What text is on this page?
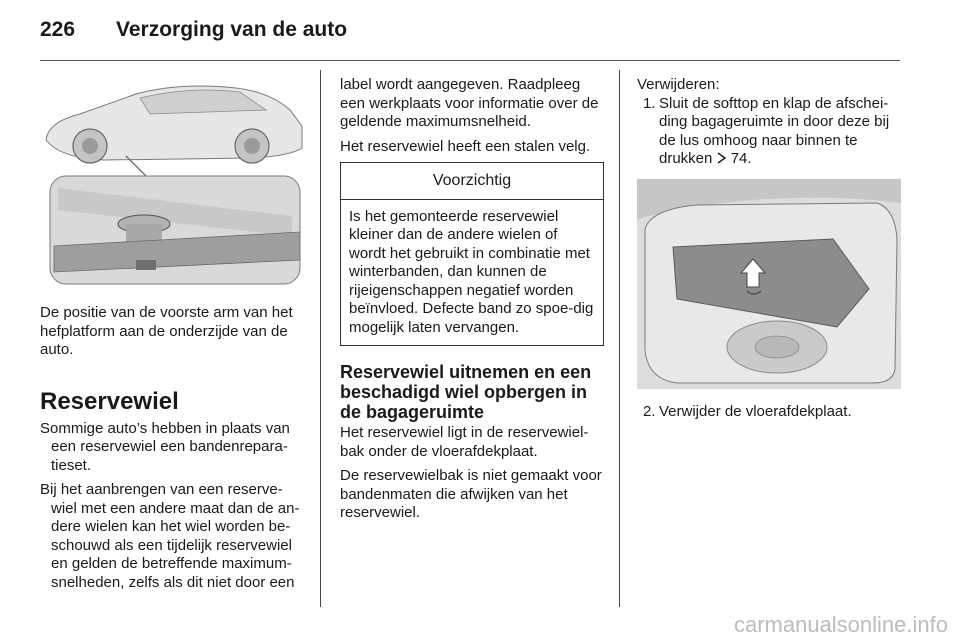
226 Verzorging van de auto

De positie van de voorste arm van het hefplatform aan de onderzijde van de auto.

Reservewiel

Sommige auto’s hebben in plaats van een reservewiel een bandenrepara-tieset.

Bij het aanbrengen van een reserve-wiel met een andere maat dan de an-dere wielen kan het wiel worden be-schouwd als een tijdelijk reservewiel en gelden de betreffende maximum-snelheden, zelfs als dit niet door een

label wordt aangegeven. Raadpleeg een werkplaats voor informatie over de geldende maximumsnelheid.

Het reservewiel heeft een stalen velg.

Voorzichtig
Is het gemonteerde reservewiel kleiner dan de andere wielen of wordt het gebruikt in combinatie met winterbanden, dan kunnen de rijeigenschappen negatief worden beïnvloed. Defecte band zo spoe-dig mogelijk laten vervangen.
Reservewiel uitnemen en een beschadigd wiel opbergen in de bagageruimte

Het reservewiel ligt in de reservewiel-bak onder de vloerafdekplaat.

De reservewielbak is niet gemaakt voor bandenmaten die afwijken van het reservewiel.

Verwijderen:

1. Sluit de softtop en klap de afschei-ding bagageruimte in door deze bij de lus omhoog naar binnen te drukken 74.
2. Verwijder de vloerafdekplaat.
carmanualsonline.info
